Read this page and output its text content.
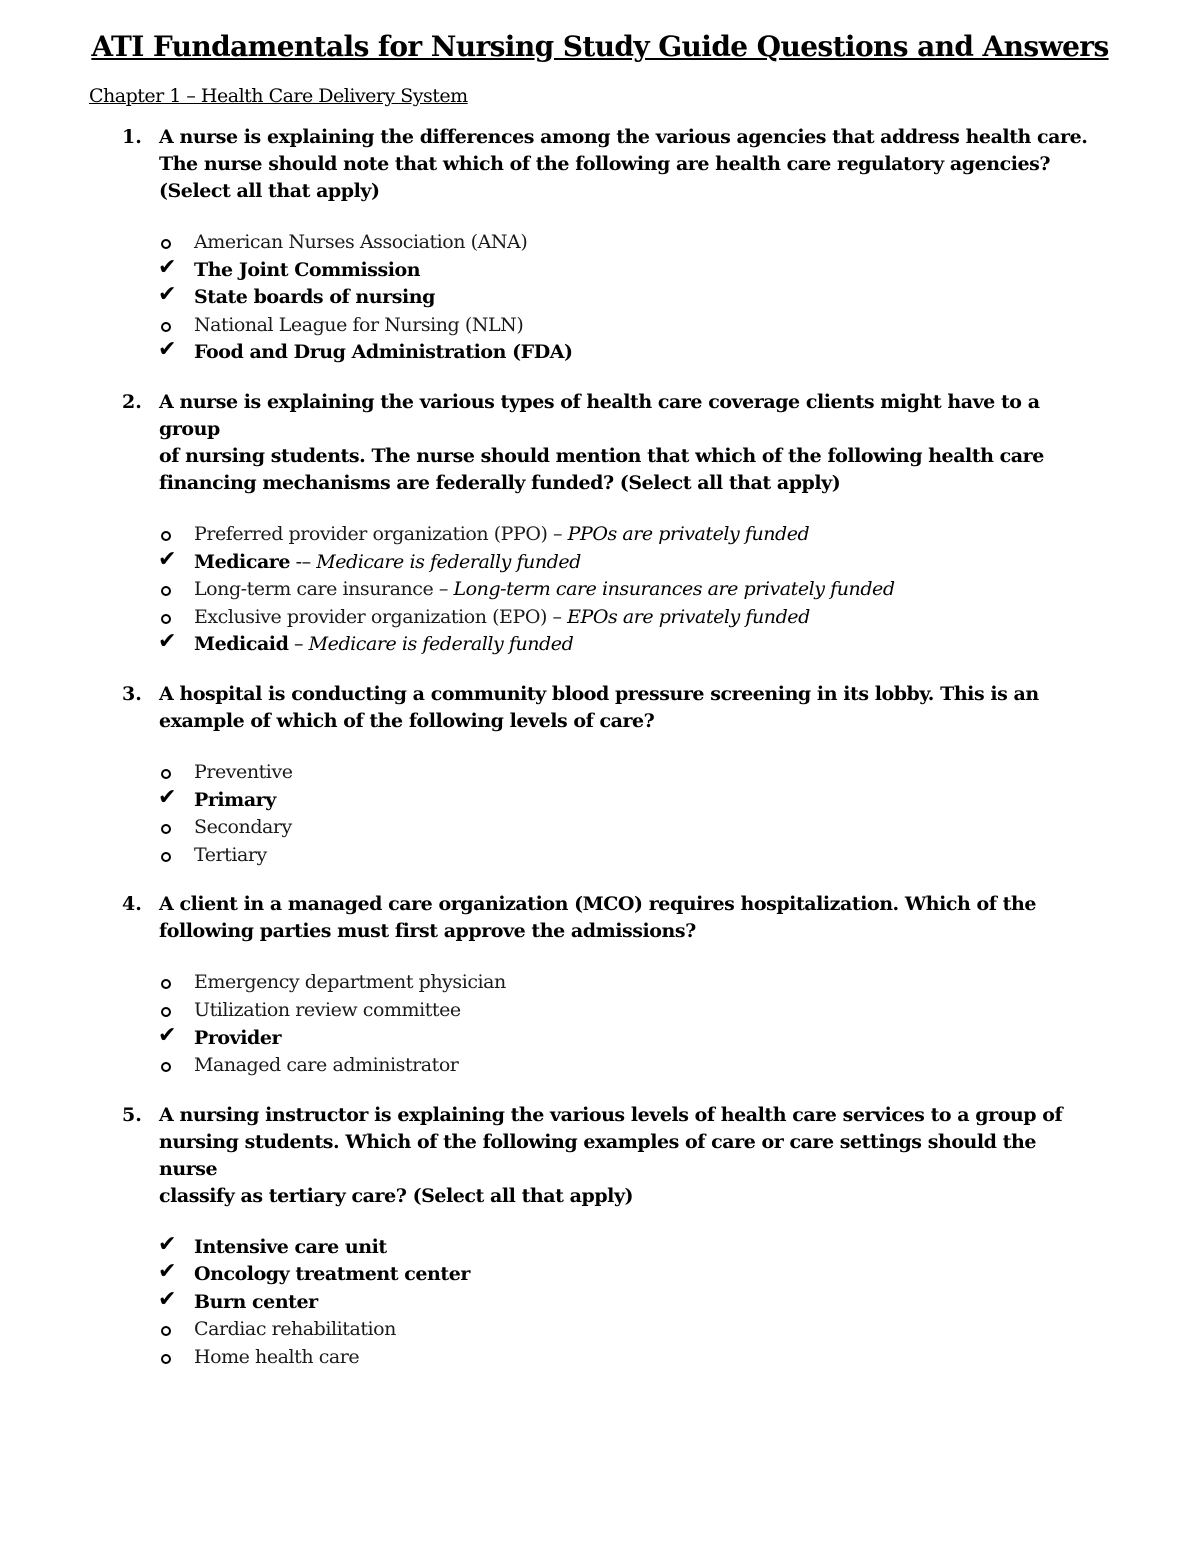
ATI Fundamentals for Nursing Study Guide Questions and Answers
Chapter 1 – Health Care Delivery System
1. A nurse is explaining the differences among the various agencies that address health care.
The nurse should note that which of the following are health care regulatory agencies?
(Select all that apply)
American Nurses Association (ANA)
✔ The Joint Commission
✔ State boards of nursing
National League for Nursing (NLN)
✔ Food and Drug Administration (FDA)
2. A nurse is explaining the various types of health care coverage clients might have to a group
of nursing students. The nurse should mention that which of the following health care
financing mechanisms are federally funded? (Select all that apply)
Preferred provider organization (PPO) – PPOs are privately funded
✔ Medicare -– Medicare is federally funded
Long-term care insurance – Long-term care insurances are privately funded
Exclusive provider organization (EPO) – EPOs are privately funded
✔ Medicaid – Medicare is federally funded
3. A hospital is conducting a community blood pressure screening in its lobby. This is an
example of which of the following levels of care?
Preventive
✔ Primary
Secondary
Tertiary
4. A client in a managed care organization (MCO) requires hospitalization. Which of the
following parties must first approve the admissions?
Emergency department physician
Utilization review committee
✔ Provider
Managed care administrator
5. A nursing instructor is explaining the various levels of health care services to a group of
nursing students. Which of the following examples of care or care settings should the nurse
classify as tertiary care? (Select all that apply)
✔ Intensive care unit
✔ Oncology treatment center
✔ Burn center
Cardiac rehabilitation
Home health care
